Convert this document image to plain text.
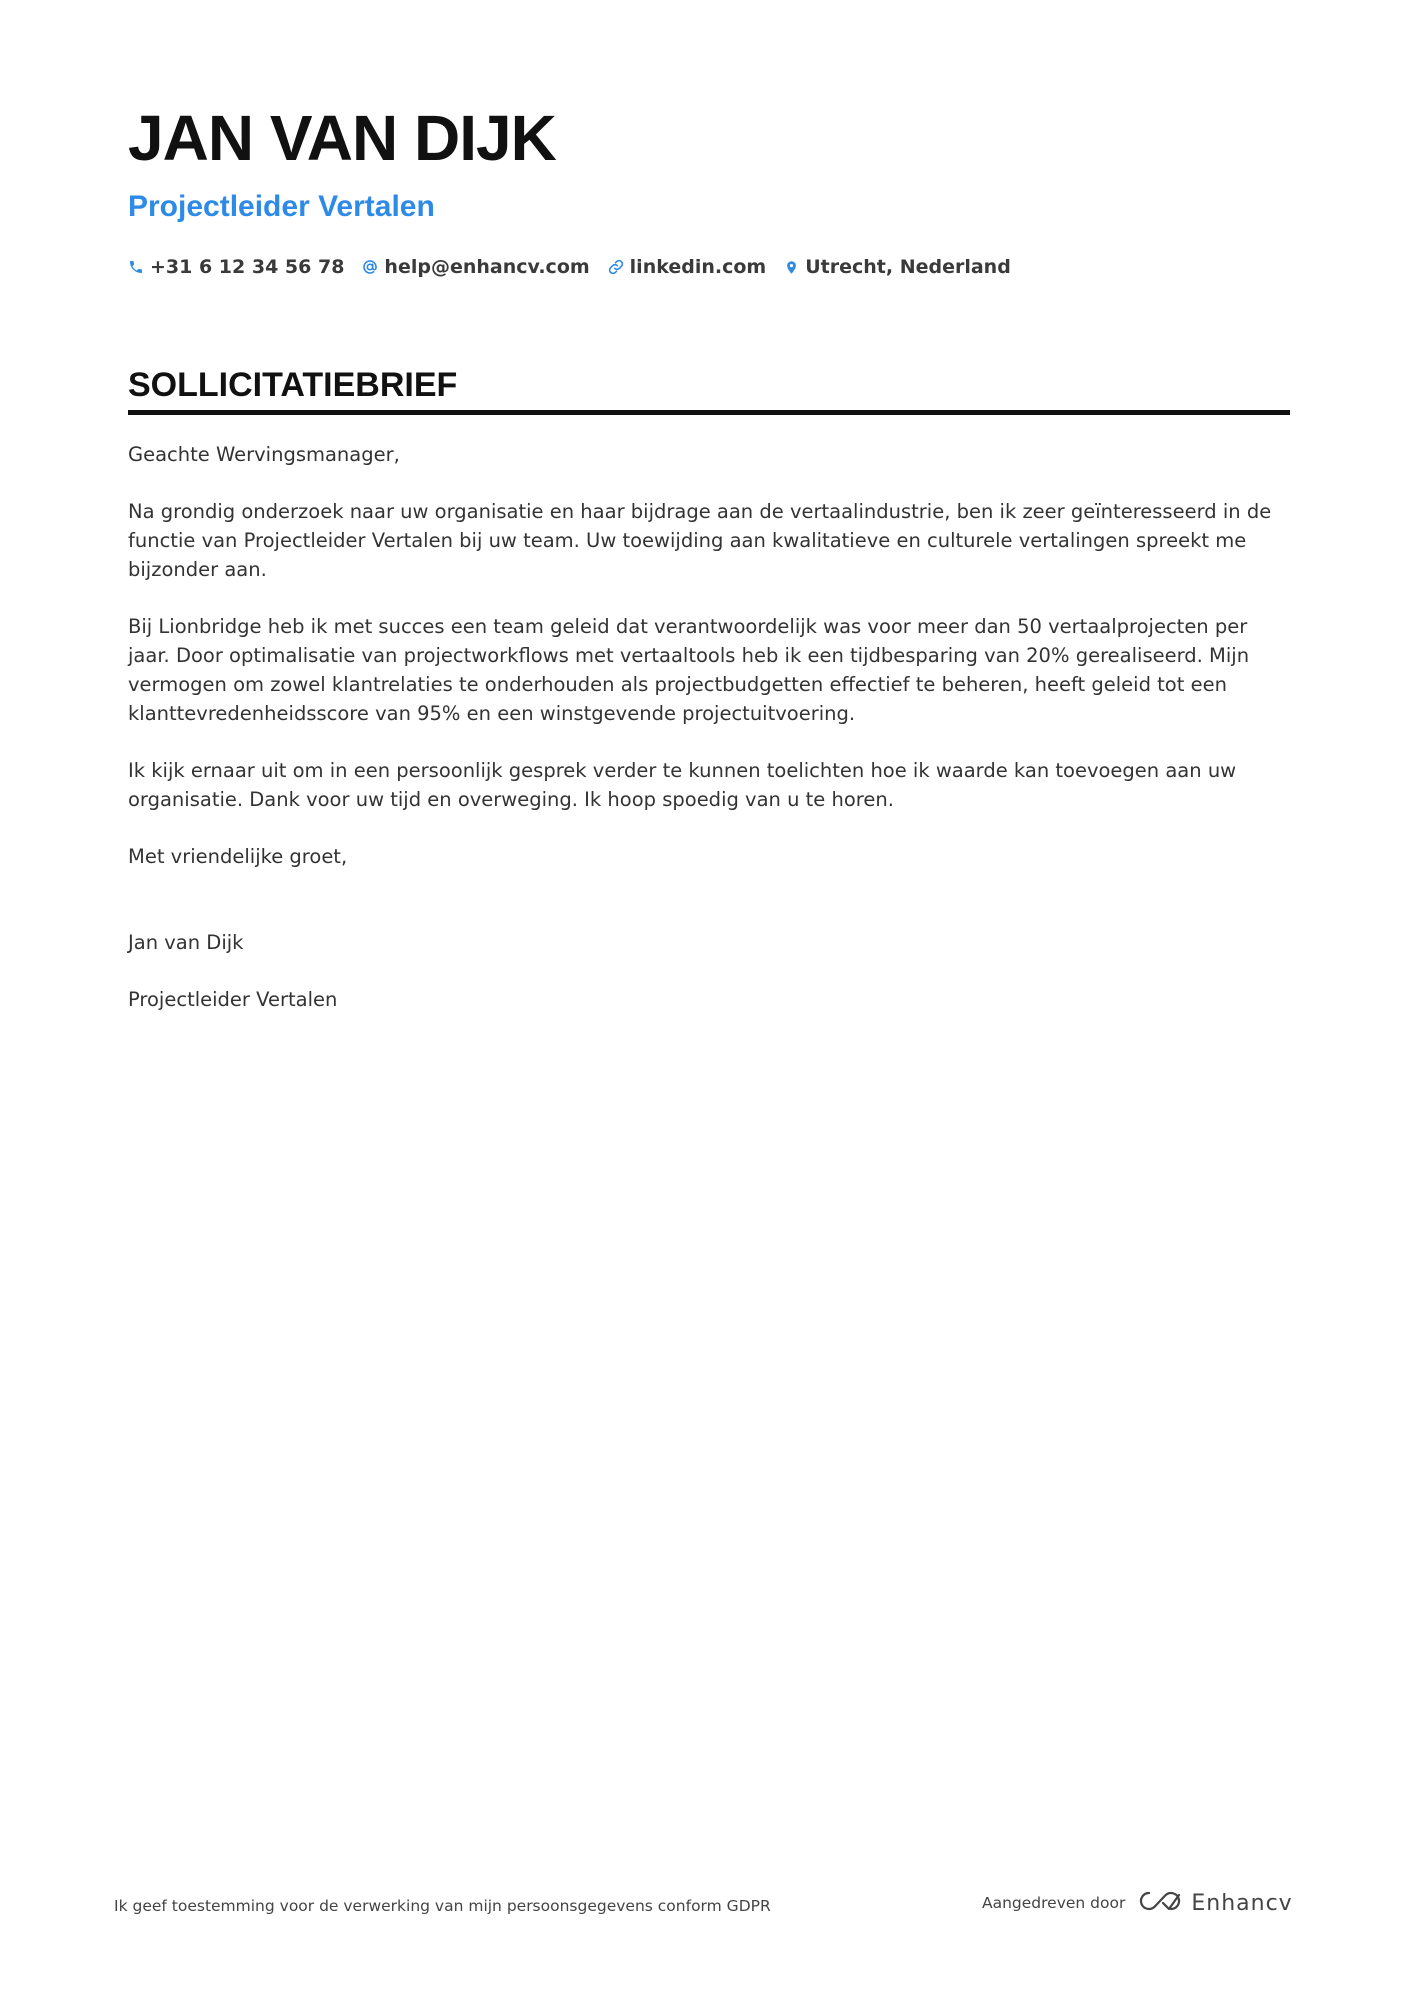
JAN VAN DIJK
Projectleider Vertalen
+31 6 12 34 56 78 help@enhancv.com linkedin.com Utrecht, Nederland
SOLLICITATIEBRIEF

Geachte Wervingsmanager,

Na grondig onderzoek naar uw organisatie en haar bijdrage aan de vertaalindustrie, ben ik zeer geïnteresseerd in de functie van Projectleider Vertalen bij uw team. Uw toewijding aan kwalitatieve en culturele vertalingen spreekt me bijzonder aan.

Bij Lionbridge heb ik met succes een team geleid dat verantwoordelijk was voor meer dan 50 vertaalprojecten per jaar. Door optimalisatie van projectworkflows met vertaaltools heb ik een tijdbesparing van 20% gerealiseerd. Mijn vermogen om zowel klantrelaties te onderhouden als projectbudgetten effectief te beheren, heeft geleid tot een klanttevredenheidsscore van 95% en een winstgevende projectuitvoering.

Ik kijk ernaar uit om in een persoonlijk gesprek verder te kunnen toelichten hoe ik waarde kan toevoegen aan uw organisatie. Dank voor uw tijd en overweging. Ik hoop spoedig van u te horen.

Met vriendelijke groet,

Jan van Dijk

Projectleider Vertalen

Ik geef toestemming voor de verwerking van mijn persoonsgegevens conform GDPR	Aangedreven door	Enhancv
